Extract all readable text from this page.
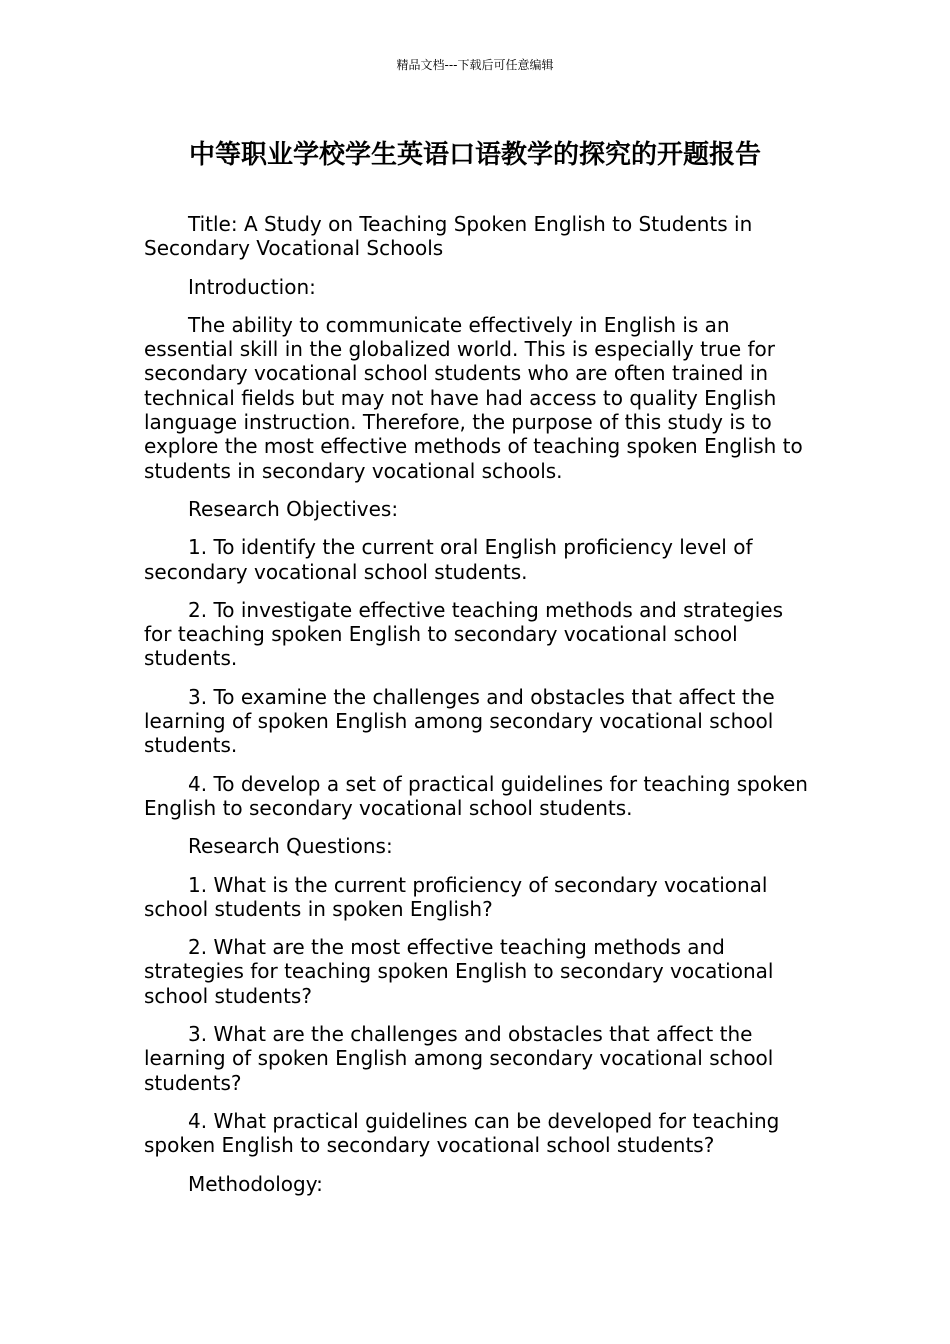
精品文档---下载后可任意编辑
中等职业学校学生英语口语教学的探究的开题报告

Title: A Study on Teaching Spoken English to Students in Secondary Vocational Schools

Introduction:

The ability to communicate effectively in English is an essential skill in the globalized world. This is especially true for secondary vocational school students who are often trained in technical fields but may not have had access to quality English language instruction. Therefore, the purpose of this study is to explore the most effective methods of teaching spoken English to students in secondary vocational schools.

Research Objectives:

1. To identify the current oral English proficiency level of secondary vocational school students.

2. To investigate effective teaching methods and strategies for teaching spoken English to secondary vocational school students.

3. To examine the challenges and obstacles that affect the learning of spoken English among secondary vocational school students.

4. To develop a set of practical guidelines for teaching spoken English to secondary vocational school students.

Research Questions:

1. What is the current proficiency of secondary vocational school students in spoken English?

2. What are the most effective teaching methods and strategies for teaching spoken English to secondary vocational school students?

3. What are the challenges and obstacles that affect the learning of spoken English among secondary vocational school students?

4. What practical guidelines can be developed for teaching spoken English to secondary vocational school students?

Methodology:
